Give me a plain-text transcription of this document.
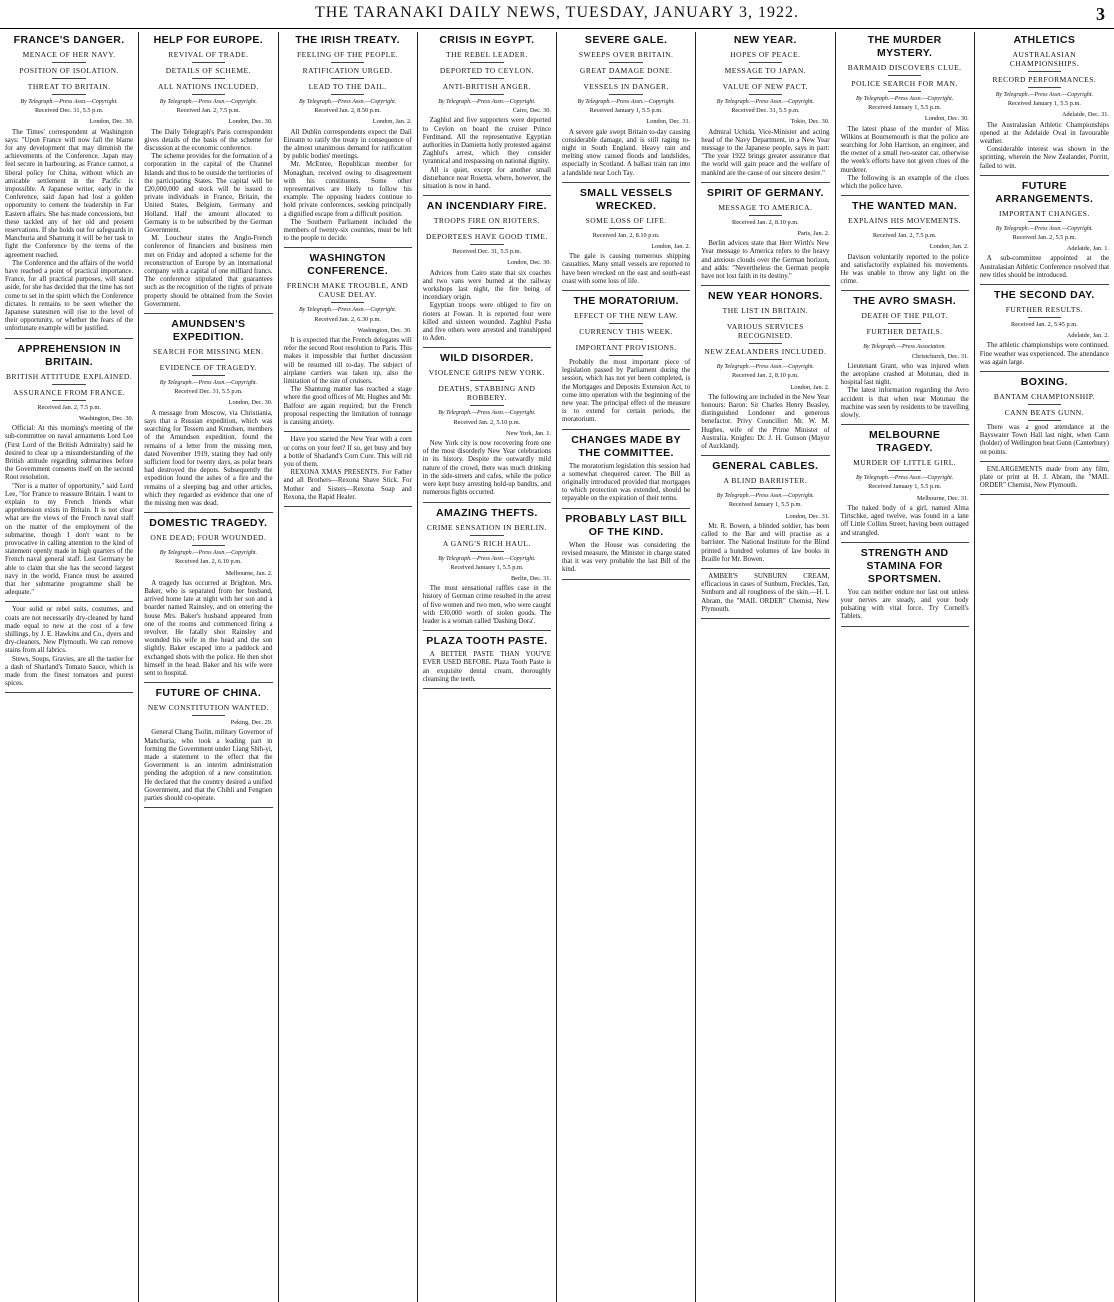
THE TARANAKI DAILY NEWS, TUESDAY, JANUARY 3, 1922.	3
FRANCE'S DANGER.
MENACE OF HER NAVY.
POSITION OF ISOLATION.
THREAT TO BRITAIN.
By Telegraph.—Press Assn.—Copyright.
Received Dec. 31, 5.5 p.m.
London, Dec. 30.

The Times' correspondent at Washington says: "Upon France will now fall the blame for any development that may diminish the achievements of the Conference. Japan may feel secure in harbouring, as France cannot, a liberal policy for China, without which an amicable settlement in the Pacific is impossible. A Japanese writer, early in the Conference, said Japan had lost a golden opportunity to cement the leadership in Far Eastern affairs. She has made concessions, but these tackled any of her old and present reservations. If she holds out for safeguards in Manchuria and Shantung it will be her task to fight the Conference by the terms of the agreement reached.

The Conference and the affairs of the world have reached a point of practical importance. France, for all practical purposes, will stand aside, for she has decided that the time has not come to set in the spirit which the Conference dictates. It remains to be seen whether the Japanese statesmen will rise to the level of their opportunity, or whether the fears of the unfortunate example will be justified.

APPREHENSION IN BRITAIN.
BRITISH ATTITUDE EXPLAINED.
ASSURANCE FROM FRANCE.
Received Jan. 2, 7.5 p.m.
Washington, Dec. 30.

Official: At this morning's meeting of the sub-committee on naval armaments Lord Lee (First Lord of the British Admiralty) said he desired to clear up a misunderstanding of the British attitude regarding submarines before the Government consents itself on the second Root resolution.

"Nor is a matter of opportunity," said Lord Lee, "for France to reassure Britain. I want to explain to my French friends what apprehension exists in Britain. It is not clear what are the views of the French naval staff on the matter of the employment of the submarine, though I don't want to be provocative in calling attention to the kind of statement openly made in high quarters of the French naval general staff. Lest Germany be able to claim that she has the second largest navy in the world, France must be assured that her submarine programme shall be adequate."

Your solid or rebel suits, costumes, and coats are not necessarily dry-cleaned by hand made equal to new at the cost of a few shillings, by J. E. Hawkins and Co., dyers and dry-cleaners, New Plymouth. We can remove stains from all fabrics.

Stews, Soups, Gravies, are all the tastier for a dash of Sharland's Tomato Sauce, which is made from the finest tomatoes and purest spices.

HELP FOR EUROPE.
REVIVAL OF TRADE.
DETAILS OF SCHEME.
ALL NATIONS INCLUDED.
By Telegraph.—Press Assn.—Copyright.
Received Jan. 2, 7.5 p.m.
London, Dec. 30.

The Daily Telegraph's Paris correspondent gives details of the basis of the scheme for discussion at the economic conference.

The scheme provides for the formation of a corporation in the capital of the Channel Islands and thus to be outside the territories of the participating States. The capital will be £20,000,000 and stock will be issued to private individuals in France, Britain, the United States, Belgium, Germany and Holland. Half the amount allocated to Germany is to be subscribed by the German Government.

M. Loucheur states the Anglo-French conference of financiers and business men met on Friday and adopted a scheme for the reconstruction of Europe by an international company with a capital of one milliard francs. The conference stipulated that guarantees such as the recognition of the rights of private property should be obtained from the Soviet Government.

AMUNDSEN'S EXPEDITION.
SEARCH FOR MISSING MEN.
EVIDENCE OF TRAGEDY.
By Telegraph.—Press Assn.—Copyright.
Received Dec. 31, 5.5 p.m.
London, Dec. 30.

A message from Moscow, via Christiania, says that a Russian expedition, which was searching for Tessem and Knudsen, members of the Amundsen expedition, found the remains of a letter from the missing men, dated November 1919, stating they had only sufficient food for twenty days, as polar bears had destroyed the depots. Subsequently the expedition found the ashes of a fire and the remains of a sleeping bag and other articles, which they regarded as evidence that one of the missing men was dead.

DOMESTIC TRAGEDY.
ONE DEAD; FOUR WOUNDED.
By Telegraph.—Press Assn.—Copyright.
Received Jan. 2, 6.10 p.m.
Melbourne, Jan. 2.

A tragedy has occurred at Brighton. Mrs. Baker, who is separated from her husband, arrived home late at night with her son and a boarder named Rainsley, and on entering the house Mrs. Baker's husband appeared from one of the rooms and commenced firing a revolver. He fatally shot Rainsley and wounded his wife in the head and the son slightly. Baker escaped into a paddock and exchanged shots with the police. He then shot himself in the head. Baker and his wife were sent to hospital.

FUTURE OF CHINA.
NEW CONSTITUTION WANTED.
Peking, Dec. 29.

General Chang Tsolin, military Governor of Manchuria, who took a leading part in forming the Government under Liang Shih-yi, made a statement to the effect that the Government is an interim administration pending the adoption of a new constitution. He declared that the country desired a unified Government, and that the Chihli and Fengtien parties should co-operate.

THE IRISH TREATY.
FEELING OF THE PEOPLE.
RATIFICATION URGED.
LEAD TO THE DAIL.
By Telegraph.—Press Assn.—Copyright.
Received Jan. 2, 8.50 p.m.
London, Jan. 2.

All Dublin correspondents expect the Dail Eireann to ratify the treaty in consequence of the almost unanimous demand for ratification by public bodies' meetings.

Mr. McEntee, Republican member for Monaghan, received owing to disagreement with his constituents. Some other representatives are likely to follow his example. The opposing leaders continue to hold private conferences, seeking principally a dignified escape from a difficult position.

The Southern Parliament included the members of twenty-six counties, must be left to the people to decide.

WASHINGTON CONFERENCE.
FRENCH MAKE TROUBLE, AND CAUSE DELAY.
By Telegraph.—Press Assn.—Copyright.
Received Jan. 2, 6.30 p.m.
Washington, Dec. 30.

It is expected that the French delegates will refer the second Root resolution to Paris. This makes it impossible that further discussion will be resumed till to-day. The subject of airplane carriers was taken up, also the limitation of the size of cruisers.

The Shantung matter has reached a stage where the good offices of Mr. Hughes and Mr. Balfour are again required; but the French proposal respecting the limitation of tonnage is causing anxiety.

Have you started the New Year with a corn or corns on your feet? If so, get busy and buy a bottle of Sharland's Corn Cure. This will rid you of them.

REXONA XMAS PRESENTS. For Father and all Brothers—Rexona Shave Stick. For Mother and Sisters—Rexona Soap and Rexona, the Rapid Healer.

CRISIS IN EGYPT.
THE REBEL LEADER.
DEPORTED TO CEYLON.
ANTI-BRITISH ANGER.
By Telegraph.—Press Assn.—Copyright.
Cairo, Dec. 30.

Zaghlul and five supporters were deported to Ceylon on board the cruiser Prince Ferdinand. All the representative Egyptian authorities in Damietta hotly protested against Zaghlul's arrest, which they consider tyrannical and trespassing on national dignity.

All is quiet, except for another small disturbance near Rosetta, where, however, the situation is now in hand.

AN INCENDIARY FIRE.
TROOPS FIRE ON RIOTERS.
DEPORTEES HAVE GOOD TIME.
Received Dec. 31, 5.5 p.m.
London, Dec. 30.

Advices from Cairo state that six coaches and two vans were burned at the railway workshops last night, the fire being of incendiary origin.

Egyptian troops were obliged to fire on rioters at Fowan. It is reported four were killed and sixteen wounded. Zaghlul Pasha and five others were arrested and transhipped to Aden.

WILD DISORDER.
VIOLENCE GRIPS NEW YORK.
DEATHS, STABBING AND ROBBERY.
By Telegraph.—Press Assn.—Copyright.
Received Jan. 2, 5.10 p.m.
New York, Jan. 1.

New York city is now recovering from one of the most disorderly New Year celebrations in its history. Despite the outwardly mild nature of the crowd, there was much drinking in the side-streets and cafes, while the police were kept busy arresting hold-up bandits, and numerous fights occurred.

AMAZING THEFTS.
CRIME SENSATION IN BERLIN.
A GANG'S RICH HAUL.
By Telegraph.—Press Assn.—Copyright.
Received January 1, 5.5 p.m.
Berlin, Dec. 31.

The most sensational raffles case in the history of German crime resulted in the arrest of five women and two men, who were caught with £30,000 worth of stolen goods. The leader is a woman called 'Dashing Dora'.

PLAZA TOOTH PASTE.

A BETTER PASTE THAN YOU'VE EVER USED BEFORE. Plaza Tooth Paste is an exquisite dental cream, thoroughly cleansing the teeth.

SEVERE GALE.
SWEEPS OVER BRITAIN.
GREAT DAMAGE DONE.
VESSELS IN DANGER.
By Telegraph.—Press Assn.—Copyright.
Received January 1, 5.5 p.m.
London, Dec. 31.

A severe gale swept Britain to-day causing considerable damage, and is still raging to-night in South England. Heavy rain and melting snow caused floods and landslides, especially in Scotland. A ballast train ran into a landslide near Loch Tay.

SMALL VESSELS WRECKED.
SOME LOSS OF LIFE.
Received Jan. 2, 8.10 p.m.
London, Jan. 2.

The gale is causing numerous shipping casualties. Many small vessels are reported to have been wrecked on the east and south-east coast with some loss of life.

THE MORATORIUM.
EFFECT OF THE NEW LAW.
CURRENCY THIS WEEK.
IMPORTANT PROVISIONS.

Probably the most important piece of legislation passed by Parliament during the session, which has not yet been completed, is the Mortgages and Deposits Extension Act, to come into operation with the beginning of the new year. The principal effect of the measure is to extend for certain periods, the moratorium.

CHANGES MADE BY THE COMMITTEE.

The moratorium legislation this session had a somewhat chequered career. The Bill as originally introduced provided that mortgages to which protection was extended, should be repayable on the expiration of their terms.

PROBABLY LAST BILL OF THE KIND.

When the House was considering the revised measure, the Minister in charge stated that it was very probable the last Bill of the kind.

NEW YEAR.
HOPES OF PEACE.
MESSAGE TO JAPAN.
VALUE OF NEW PACT.
By Telegraph.—Press Assn.—Copyright.
Received Dec. 31, 5.5 p.m.
Tokio, Dec. 30.

Admiral Uchida, Vice-Minister and acting head of the Navy Department, in a New Year message to the Japanese people, says in part: "The year 1922 brings greater assurance that the world will gain peace and the welfare of mankind are the cause of our sincere desire."

SPIRIT OF GERMANY.
MESSAGE TO AMERICA.
Received Jan. 2, 8.10 p.m.
Paris, Jan. 2.

Berlin advices state that Herr Wirth's New Year message to America refers to the heavy and anxious clouds over the German horizon, and adds: "Nevertheless the German people have not lost faith in its destiny."

NEW YEAR HONORS.
THE LIST IN BRITAIN.
VARIOUS SERVICES RECOGNISED.
NEW ZEALANDERS INCLUDED.
By Telegraph.—Press Assn.—Copyright.
Received Jan. 2, 8.10 p.m.
London, Jan. 2.

The following are included in the New Year honours: Baron: Sir Charles Henry Beasley, distinguished Londoner and generous benefactor. Privy Councillor: Mr. W. M. Hughes, wife of the Prime Minister of Australia. Knights: Dr. J. H. Gunson (Mayor of Auckland).

GENERAL CABLES.
A BLIND BARRISTER.
By Telegraph.—Press Assn.—Copyright.
Received January 1, 5.5 p.m.
London, Dec. 31.

Mr. R. Bowen, a blinded soldier, has been called to the Bar and will practise as a barrister. The National Institute for the Blind printed a hundred volumes of law books in Braille for Mr. Bowen.

AMBER'S SUNBURN CREAM, efficacious in cases of Sunburn, Freckles, Tan, Sunburn and all roughness of the skin.—H. I. Abram, the "MAIL ORDER" Chemist, New Plymouth.

THE MURDER MYSTERY.
BARMAID DISCOVERS CLUE.
POLICE SEARCH FOR MAN.
By Telegraph.—Press Assn.—Copyright.
Received January 1, 5.5 p.m.
London, Dec. 30.

The latest phase of the murder of Miss Wilkins at Bournemouth is that the police are searching for John Harrison, an engineer, and the owner of a small two-seater car, otherwise the week's efforts have not given clues of the murderer.

The following is an example of the clues which the police have.

THE WANTED MAN.
EXPLAINS HIS MOVEMENTS.
Received Jan. 2, 7.5 p.m.
London, Jan. 2.

Davison voluntarily reported to the police and satisfactorily explained his movements. He was unable to throw any light on the crime.

THE AVRO SMASH.
DEATH OF THE PILOT.
FURTHER DETAILS.
By Telegraph.—Press Association.
Christchurch, Dec. 31.

Lieutenant Grant, who was injured when the aeroplane crashed at Motunau, died in hospital last night.

The latest information regarding the Avro accident is that when near Motunau the machine was seen by residents to be travelling slowly.

MELBOURNE TRAGEDY.
MURDER OF LITTLE GIRL.
By Telegraph.—Press Assn.—Copyright.
Received January 1, 5.5 p.m.
Melbourne, Dec. 31.

The naked body of a girl, named Alma Tirtschke, aged twelve, was found in a lane off Little Collins Street, having been outraged and strangled.

STRENGTH AND STAMINA FOR SPORTSMEN.

You can neither endure nor last out unless your nerves are steady, and your body pulsating with vital force. Try Cornell's Tablets.

ATHLETICS
AUSTRALASIAN CHAMPIONSHIPS.
RECORD PERFORMANCES.
By Telegraph.—Press Assn.—Copyright.
Received January 1, 5.5 p.m.
Adelaide, Dec. 31.

The Australasian Athletic Championships opened at the Adelaide Oval in favourable weather.

Considerable interest was shown in the sprinting, wherein the New Zealander, Porritt, failed to win.

FUTURE ARRANGEMENTS.
IMPORTANT CHANGES.
By Telegraph.—Press Assn.—Copyright.
Received Jan. 2, 5.5 p.m.
Adelaide, Jan. 1.

A sub-committee appointed at the Australasian Athletic Conference resolved that new titles should be introduced.

THE SECOND DAY.
FURTHER RESULTS.
Received Jan. 2, 5.45 p.m.
Adelaide, Jan. 2.

The athletic championships were continued. Fine weather was experienced. The attendance was again large.

BOXING.
BANTAM CHAMPIONSHIP.
CANN BEATS GUNN.

There was a good attendance at the Bayswater Town Hall last night, when Cann (holder) of Wellington beat Gunn (Canterbury) on points.

ENLARGEMENTS made from any film, plate or print at H. J. Abram, the "MAIL ORDER" Chemist, New Plymouth.
